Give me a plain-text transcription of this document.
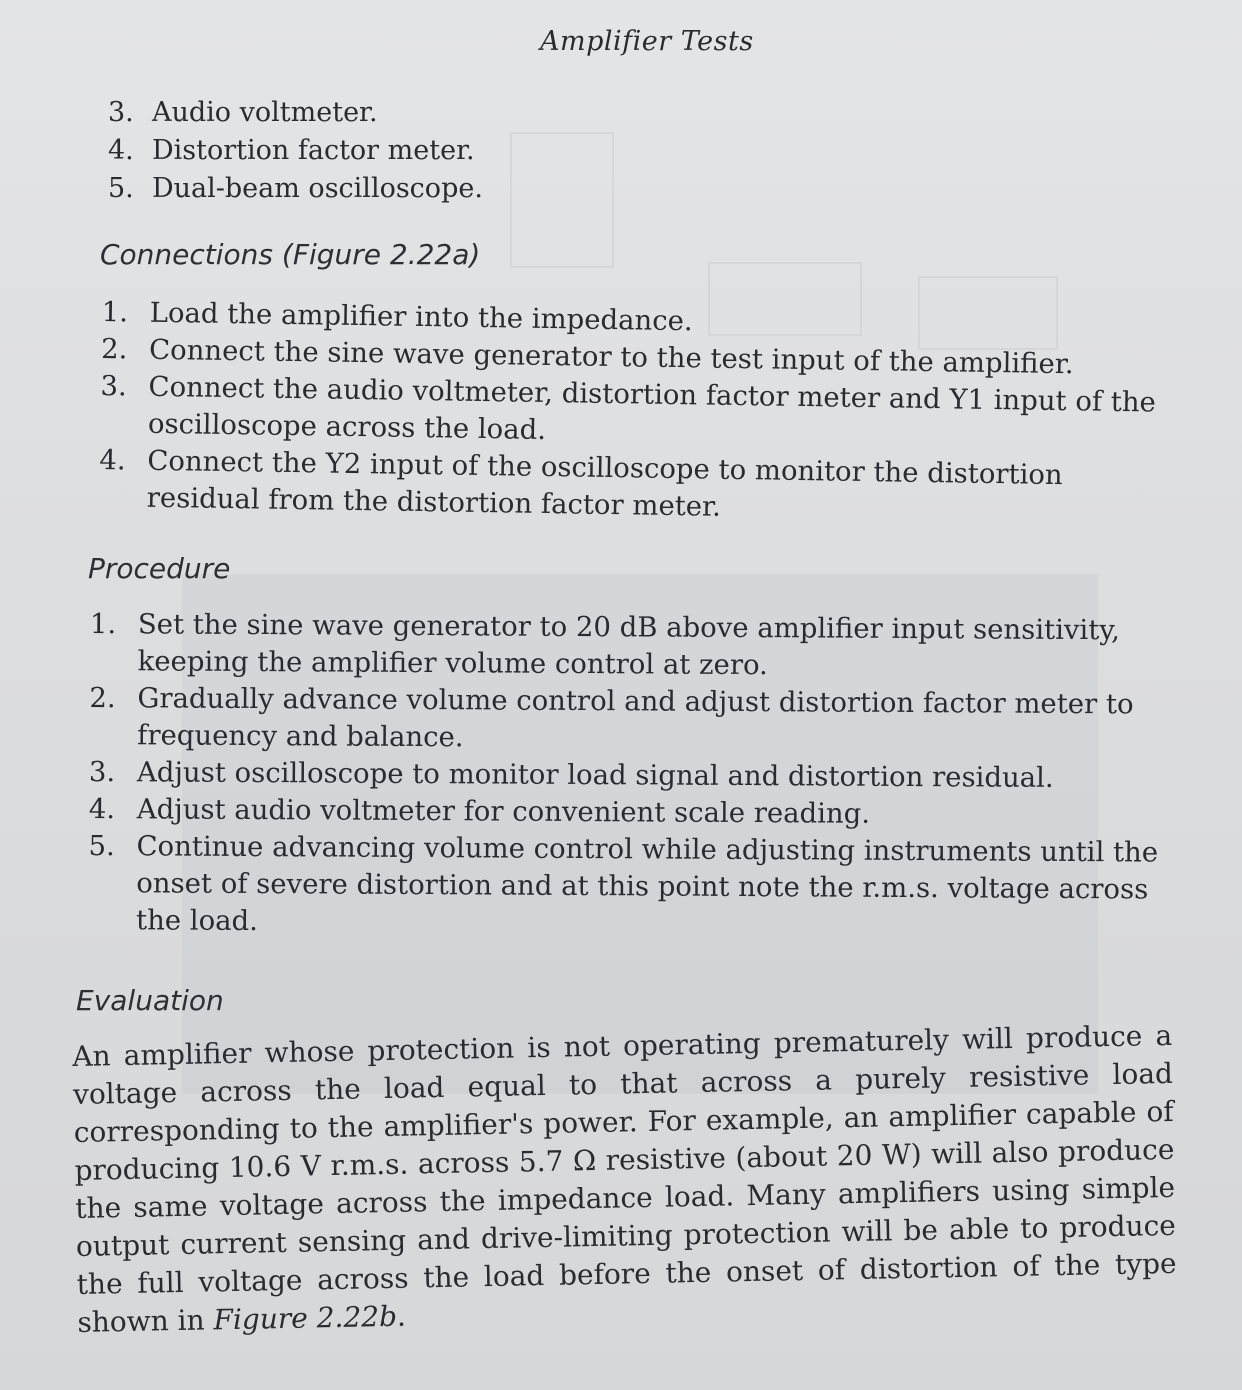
Amplifier Tests
3. Audio voltmeter.
4. Distortion factor meter.
5. Dual-beam oscilloscope.
Connections (Figure 2.22a)
1. Load the amplifier into the impedance.
2. Connect the sine wave generator to the test input of the amplifier.
3. Connect the audio voltmeter, distortion factor meter and Y1 input of the oscilloscope across the load.
4. Connect the Y2 input of the oscilloscope to monitor the distortion residual from the distortion factor meter.
Procedure
1. Set the sine wave generator to 20 dB above amplifier input sensitivity, keeping the amplifier volume control at zero.
2. Gradually advance volume control and adjust distortion factor meter to frequency and balance.
3. Adjust oscilloscope to monitor load signal and distortion residual.
4. Adjust audio voltmeter for convenient scale reading.
5. Continue advancing volume control while adjusting instruments until the onset of severe distortion and at this point note the r.m.s. voltage across the load.
Evaluation
An amplifier whose protection is not operating prematurely will produce a voltage across the load equal to that across a purely resistive load corresponding to the amplifier's power. For example, an amplifier capable of producing 10.6 V r.m.s. across 5.7 Ω resistive (about 20 W) will also produce the same voltage across the impedance load. Many amplifiers using simple output current sensing and drive-limiting protection will be able to produce the full voltage across the load before the onset of distortion of the type shown in Figure 2.22b.
